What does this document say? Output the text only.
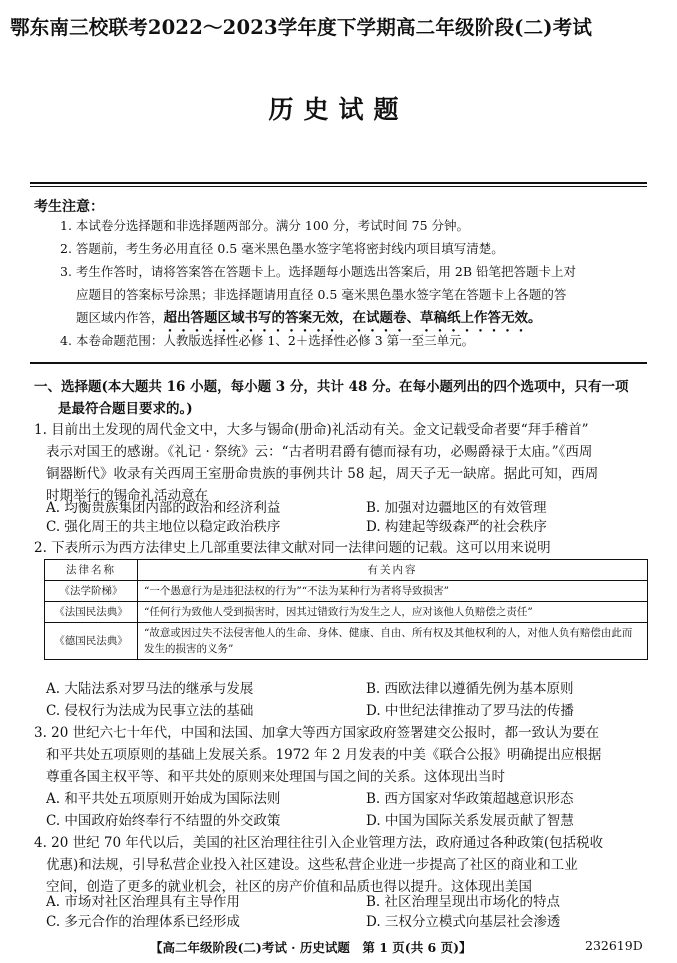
鄂东南三校联考2022～2023学年度下学期高二年级阶段(二)考试
历史试题
考生注意：
1. 本试卷分选择题和非选择题两部分。满分 100 分，考试时间 75 分钟。
2. 答题前，考生务必用直径 0.5 毫米黑色墨水签字笔将密封线内项目填写清楚。
3. 考生作答时，请将答案答在答题卡上。选择题每小题选出答案后，用 2B 铅笔把答题卡上对
应题目的答案标号涂黑；非选择题请用直径 0.5 毫米黑色墨水签字笔在答题卡上各题的答
题区域内作答，超出答题区域书写的答案无效，在试题卷、草稿纸上作答无效。
4. 本卷命题范围：人教版选择性必修 1、2＋选择性必修 3 第一至三单元。
一、选择题(本大题共 16 小题，每小题 3 分，共计 48 分。在每小题列出的四个选项中，只有一项
是最符合题目要求的。)
1. 目前出土发现的周代金文中，大多与锡命(册命)礼活动有关。金文记载受命者要“拜手稽首”
表示对国王的感谢。《礼记 · 祭统》云：“古者明君爵有德而禄有功，必赐爵禄于太庙。”《西周
铜器断代》收录有关西周王室册命贵族的事例共计 58 起，周天子无一缺席。据此可知，西周
时期举行的锡命礼活动意在
A. 均衡贵族集团内部的政治和经济利益	B. 加强对边疆地区的有效管理
C. 强化周王的共主地位以稳定政治秩序	D. 构建起等级森严的社会秩序
2. 下表所示为西方法律史上几部重要法律文献对同一法律问题的记载。这可以用来说明
法律名称	有关内容
《法学阶梯》	“一个愚意行为是违犯法权的行为”“不法为某种行为者将导致损害”
《法国民法典》	“任何行为致他人受到损害时，因其过错致行为发生之人，应对该他人负赔偿之责任”
《德国民法典》	“故意或因过失不法侵害他人的生命、身体、健康、自由、所有权及其他权利的人，对他人负有赔偿由此而发生的损害的义务”
A. 大陆法系对罗马法的继承与发展	B. 西欧法律以遵循先例为基本原则
C. 侵权行为法成为民事立法的基础	D. 中世纪法律推动了罗马法的传播
3. 20 世纪六七十年代，中国和法国、加拿大等西方国家政府签署建交公报时，都一致认为要在
和平共处五项原则的基础上发展关系。1972 年 2 月发表的中美《联合公报》明确提出应根据
尊重各国主权平等、和平共处的原则来处理国与国之间的关系。这体现出当时
A. 和平共处五项原则开始成为国际法则	B. 西方国家对华政策超越意识形态
C. 中国政府始终奉行不结盟的外交政策	D. 中国为国际关系发展贡献了智慧
4. 20 世纪 70 年代以后，美国的社区治理往往引入企业管理方法，政府通过各种政策(包括税收
优惠)和法规，引导私营企业投入社区建设。这些私营企业进一步提高了社区的商业和工业
空间，创造了更多的就业机会，社区的房产价值和品质也得以提升。这体现出美国
A. 市场对社区治理具有主导作用	B. 社区治理呈现出市场化的特点
C. 多元合作的治理体系已经形成	D. 三权分立模式向基层社会渗透
【高二年级阶段(二)考试 · 历史试题　第 1 页(共 6 页)】	232619D
